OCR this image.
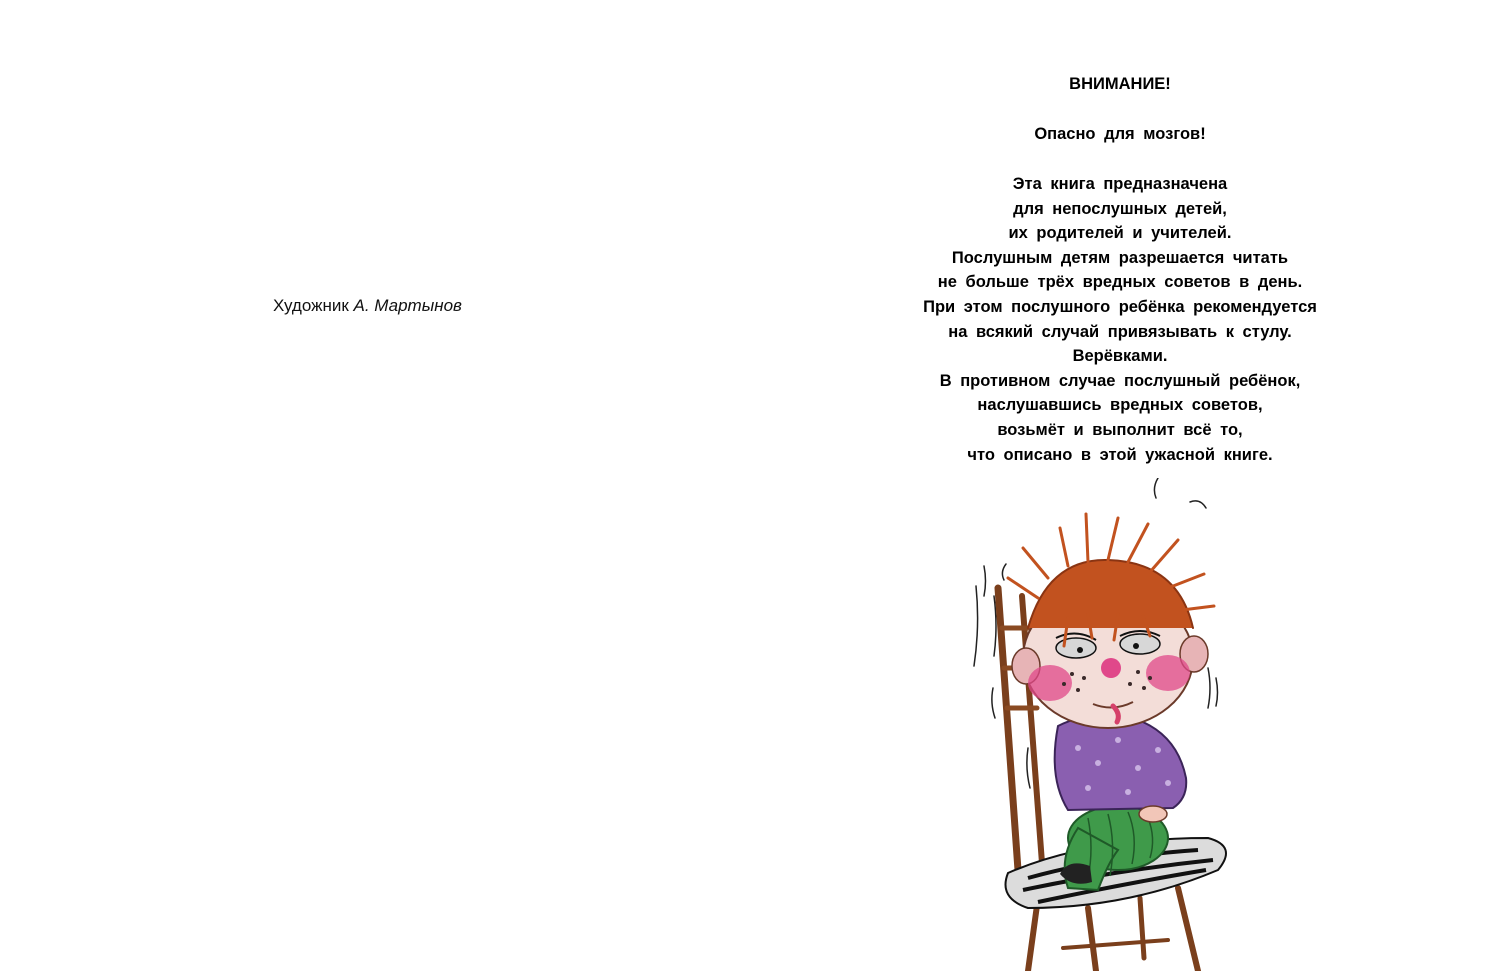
Художник А. Мартынов
ВНИМАНИЕ!
Опасно для мозгов!
Эта книга предназначена
для непослушных детей,
их родителей и учителей.
Послушным детям разрешается читать
не больше трёх вредных советов в день.
При этом послушного ребёнка рекомендуется
на всякий случай привязывать к стулу.
Верёвками.
В противном случае послушный ребёнок,
наслушавшись вредных советов,
возьмёт и выполнит всё то,
что описано в этой ужасной книге.
